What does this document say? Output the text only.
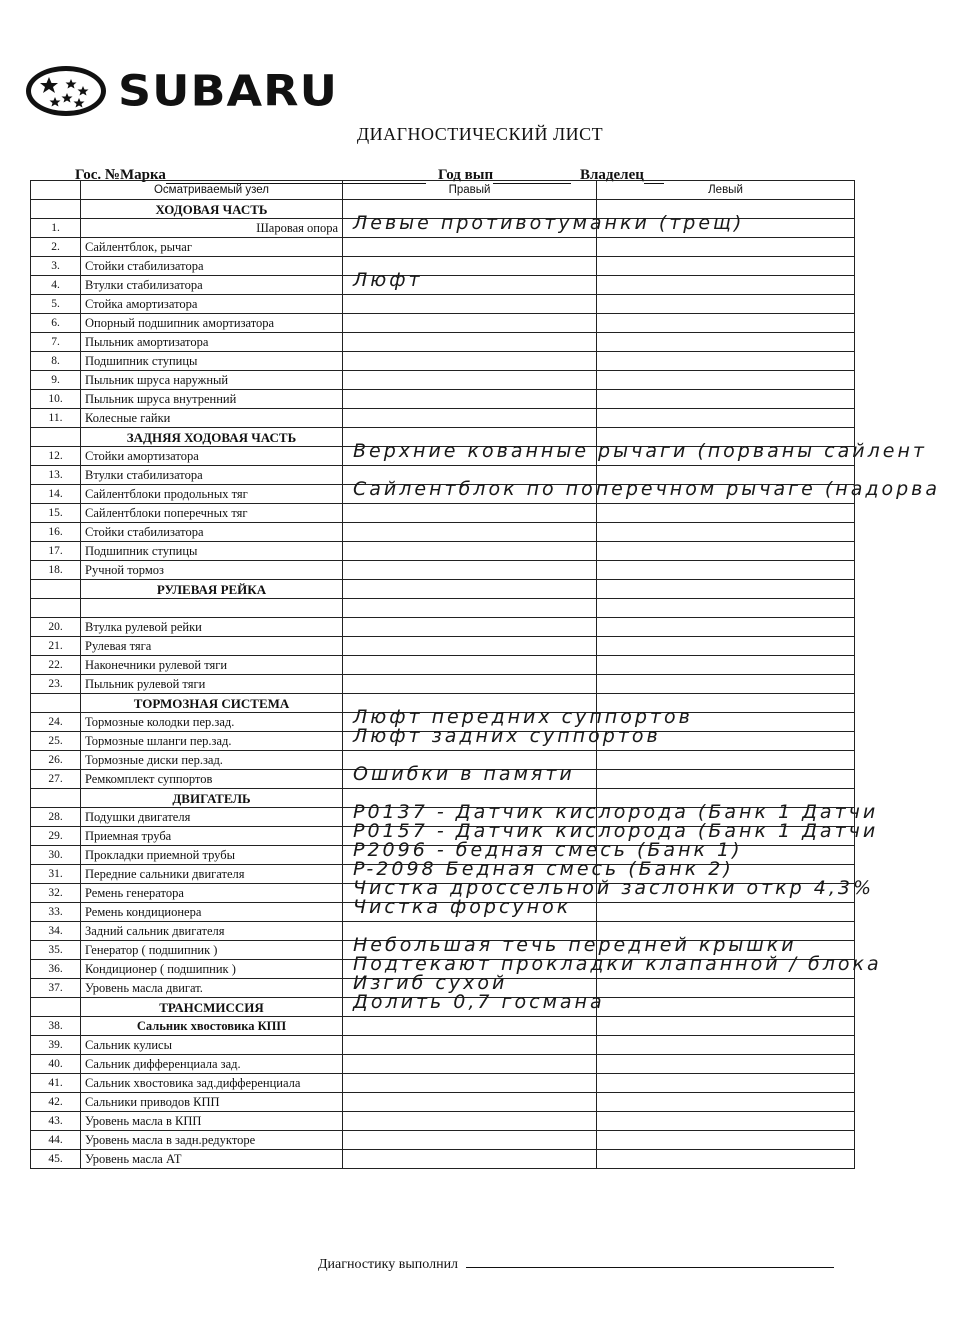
SUBARU
ДИАГНОСТИЧЕСКИЙ ЛИСТ
Гос. №Марка	Год вып	Владелец
	Осматриваемый узел	Правый	Левый
	ХОДОВАЯ ЧАСТЬ		
1.	Шаровая опора	Левые противотуманки (трещ)	

2.	Сайлентблок, рычаг		
3.	Стойки стабилизатора		
4.	Втулки стабилизатора	Люфт	

5.	Стойка амортизатора		
6.	Опорный подшипник амортизатора		
7.	Пыльник амортизатора		
8.	Подшипник ступицы		
9.	Пыльник шруса наружный		
10.	Пыльник шруса внутренний		
11.	Колесные гайки		
	ЗАДНЯЯ ХОДОВАЯ ЧАСТЬ		
12.	Стойки амортизатора	Верхние кованные рычаги (порваны сайлент	

13.	Втулки стабилизатора		
14.	Сайлентблоки продольных тяг	Сайлентблок по поперечном рычаге (надорва	

15.	Сайлентблоки поперечных тяг		
16.	Стойки стабилизатора		
17.	Подшипник ступицы		
18.	Ручной тормоз		
	РУЛЕВАЯ РЕЙКА		

20.	Втулка рулевой рейки		
21.	Рулевая тяга		
22.	Наконечники рулевой тяги		
23.	Пыльник рулевой тяги		
	ТОРМОЗНАЯ СИСТЕМА		
24.	Тормозные колодки пер.зад.	Люфт передних суппортов	

25.	Тормозные шланги пер.зад.	Люфт задних суппортов	

26.	Тормозные диски пер.зад.		
27.	Ремкомплект суппортов	Ошибки в памяти	

	ДВИГАТЕЛЬ		
28.	Подушки двигателя	P0137 - Датчик кислорода (Банк 1 Датчи	

29.	Приемная труба	P0157 - Датчик кислорода (Банк 1 Датчи	

30.	Прокладки приемной трубы	P2096 - бедная смесь (Банк 1)	

31.	Передние сальники двигателя	P-2098 Бедная смесь (Банк 2)	

32.	Ремень генератора	Чистка дроссельной заслонки откр 4,3%	

33.	Ремень кондиционера	Чистка форсунок	

34.	Задний сальник двигателя		
35.	Генератор ( подшипник )	Небольшая течь передней крышки	

36.	Кондиционер ( подшипник )	Подтекают прокладки клапанной / блока	

37.	Уровень масла двигат.	Изгиб сухой	

	ТРАНСМИССИЯ	Долить 0,7 госмана	

38.	Сальник хвостовика КПП		
39.	Сальник кулисы		
40.	Сальник дифференциала зад.		
41.	Сальник хвостовика зад.дифференциала		
42.	Сальники приводов КПП		
43.	Уровень масла в КПП		
44.	Уровень масла в задн.редукторе		
45.	Уровень масла АТ		
Диагностику выполнил
